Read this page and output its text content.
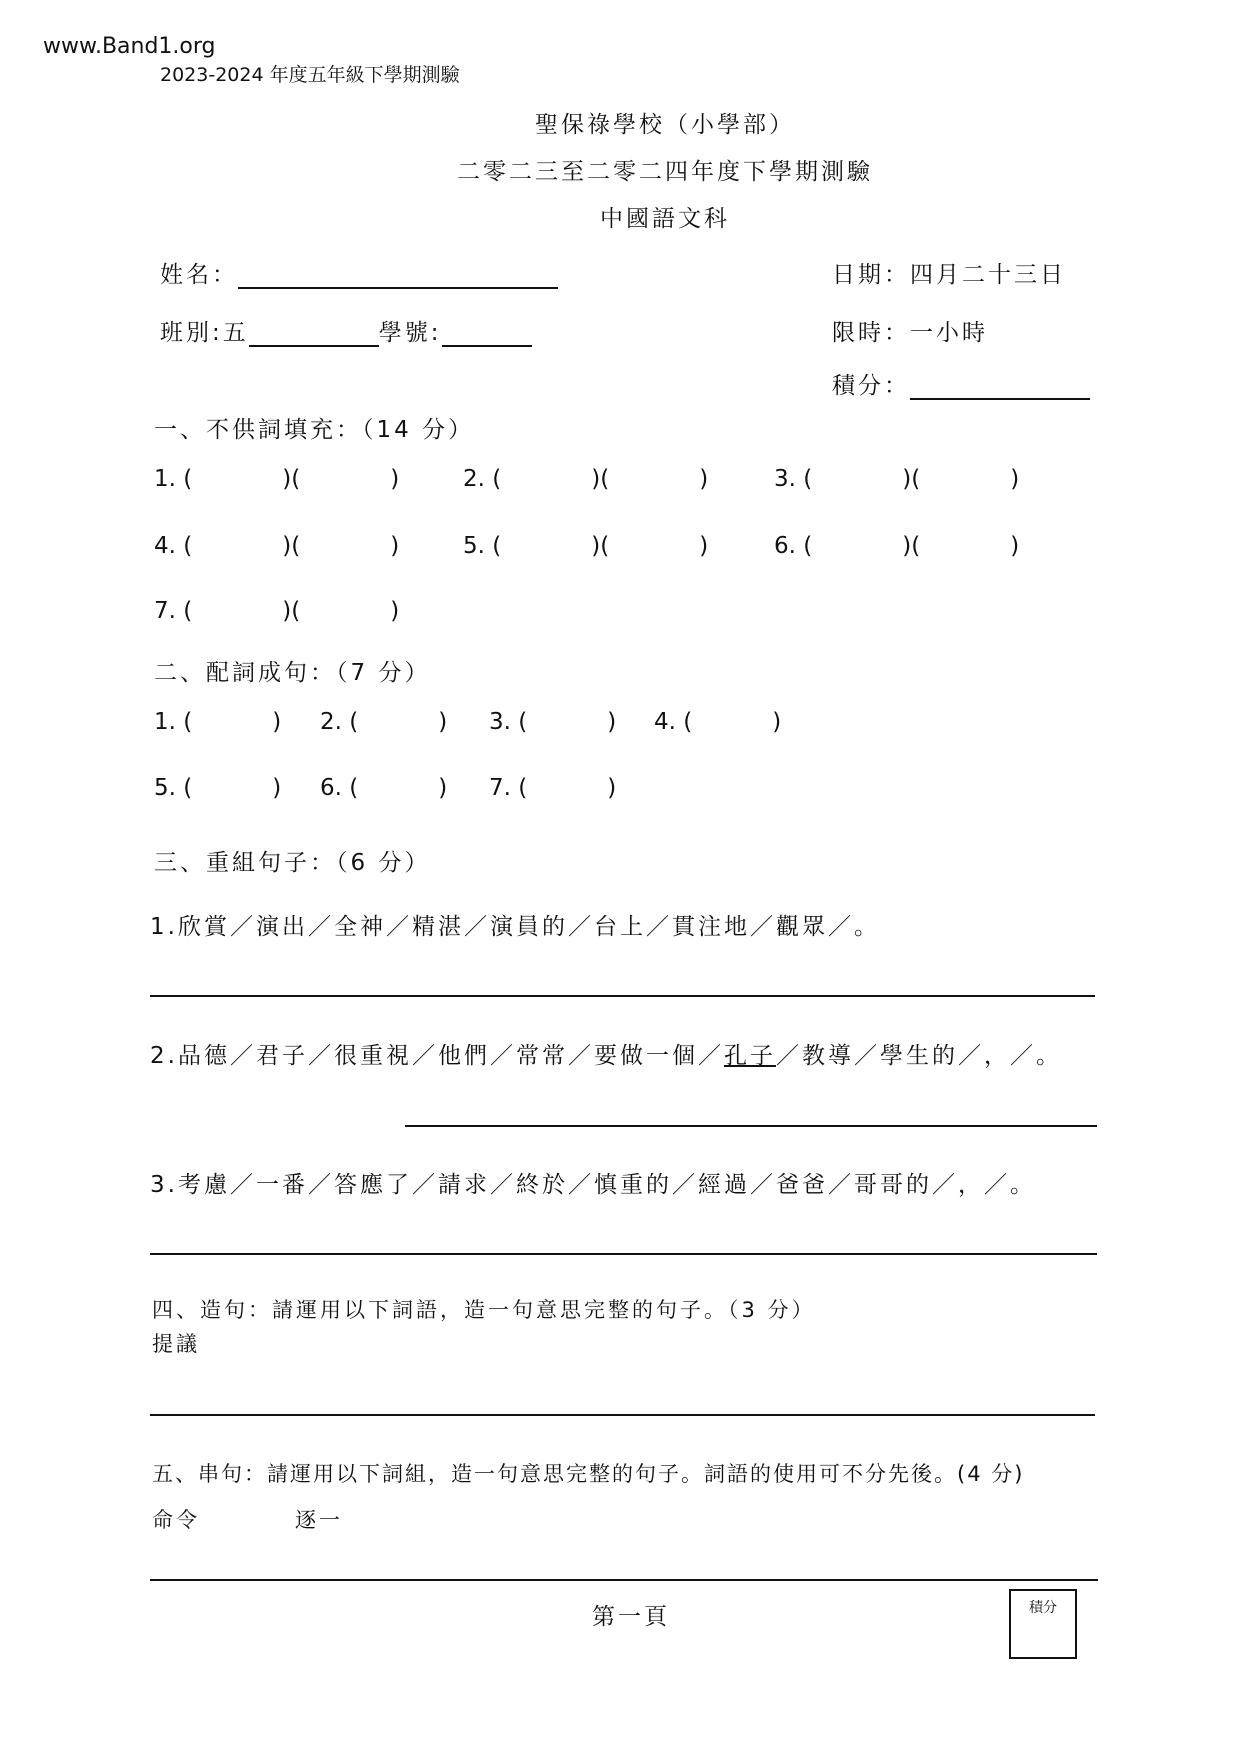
www.Band1.org
2023-2024 年度五年級下學期測驗
聖保祿學校（小學部）
二零二三至二零二四年度下學期測驗
中國語文科
姓名：
班別:五	學號:
日期：四月二十三日
限時：一小時
積分：
一、不供詞填充：（14 分）
1. (	)(	)	2. (	)(	)	3. (	)(	)
4. (	)(	)	5. (	)(	)	6. (	)(	)
7. (	)(	)
二、配詞成句：（7 分）
1. (	) 2. (	) 3. (	) 4. (	)
5. (	) 6. (	) 7. (	)
三、重組句子：（6 分）
1.欣賞／演出／全神／精湛／演員的／台上／貫注地／觀眾／。
2.品德／君子／很重視／他們／常常／要做一個／孔子／教導／學生的／，／。
3.考慮／一番／答應了／請求／終於／慎重的／經過／爸爸／哥哥的／，／。
四、造句：請運用以下詞語，造一句意思完整的句子。（3 分）
提議
五、串句：請運用以下詞組，造一句意思完整的句子。詞語的使用可不分先後。(4 分)
命令	逐一
第一頁	積分
